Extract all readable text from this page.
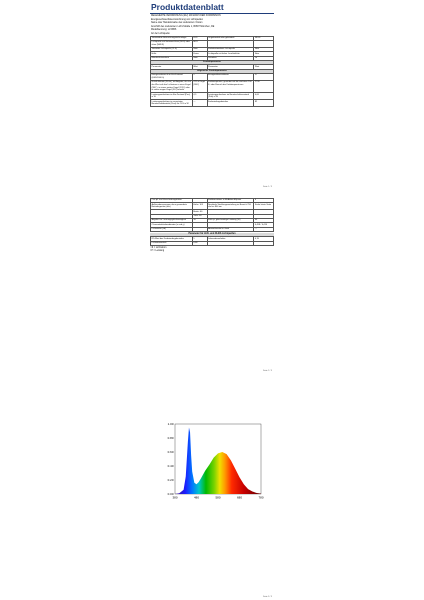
Produktdatenblatt
DELEGIERTE VERORDNUNG (EU) 2019/2015 DER KOMMISSION
Energieverbrauchskennzeichnung von Lichtquellen
Name oder Handelsmarke des Lieferanten: Osram
Anschrift des Lieferanten: Licht-Straße 1, 80807 München, DE
Modellkennung: LV-9956
Art der Lichtquelle:
Verwendete Beleuchtungstechnologie	LED	Ungebündelt oder gebündelt	NDLS
Lichtquelle mit Netzanschluss (MLS) oder ohne (NMLS)	MLS		
Vernetzte Lichtquelle (CLS)	Nein	Farbabstimmbare Lichtquelle	Nein
Hülle	Keine	Lichtquelle mit hoher Leuchtdichte	Nein
Blendschutzschirm	Nein	Dimmbar	Ja
Produktparameter			
Parameter	Wert	Parameter	Wert
Allgemeine Produktparameter			
Energieverbrauch im Ein-Zustand (kWh/1000 h)	5	Energieeffizienzklasse	G
Nutzlichtstrom (Φuse), mit Angabe, ob sich der Wert auf den Lichtstrom in einer Kugel (360°), in einem weiten Kegel (120°) oder in einem engen Kegel (90°) bezieht	470 in Kugel (360°)	Farbtemperatur, gerundet auf die nächsten 100 K, oder Bereich der Farbtemperaturen	2700
Leistungsaufnahme im Ein-Zustand (Pon) in W	4,9	Leistungsaufnahme im Bereitschaftszustand (Psb) in W	0,00
Leistungsaufnahme im vernetzten Bereitschaftsbetrieb (Pnet) für CLS in W	—	Farbwiedergabeindex	82
Seite 1 / 3
Cos φ1 und Verschiebungsfaktor		Farbkonsistenz in McAdam-Ellipsen	6
Außenabmessungen ohne gesonderte Betriebsgeräte (mm)	Höhe: 105	Spektrale Strahlungsverteilung im Bereich 250 nm bis 800 nm	Siehe letzte Seite
	Breite: 60		
	Tiefe: 60		
Angabe zur Leistungsgleichwertigkeit	Ja	Falls ja, gleichwertige Leistung (W)	40
Chromatizitätskoordinaten (x und y)			0,458 / 0,410
Lichtstärke (cd)		Abstrahlwinkel in Grad	—
Parameter für LED- und OLED-Lichtquellen
R9-Wert des Farbwiedergabeindex	5	Lebensdauerfaktor	0,70
Lichtstromerhalt	0,88		
¹ Φ = Lichtstrom
² P = Leistung
Seite 2 / 3
0.00
0.20
0.40
0.60
0.80
1.00
380	480	580	680	780
Seite 3 / 3
